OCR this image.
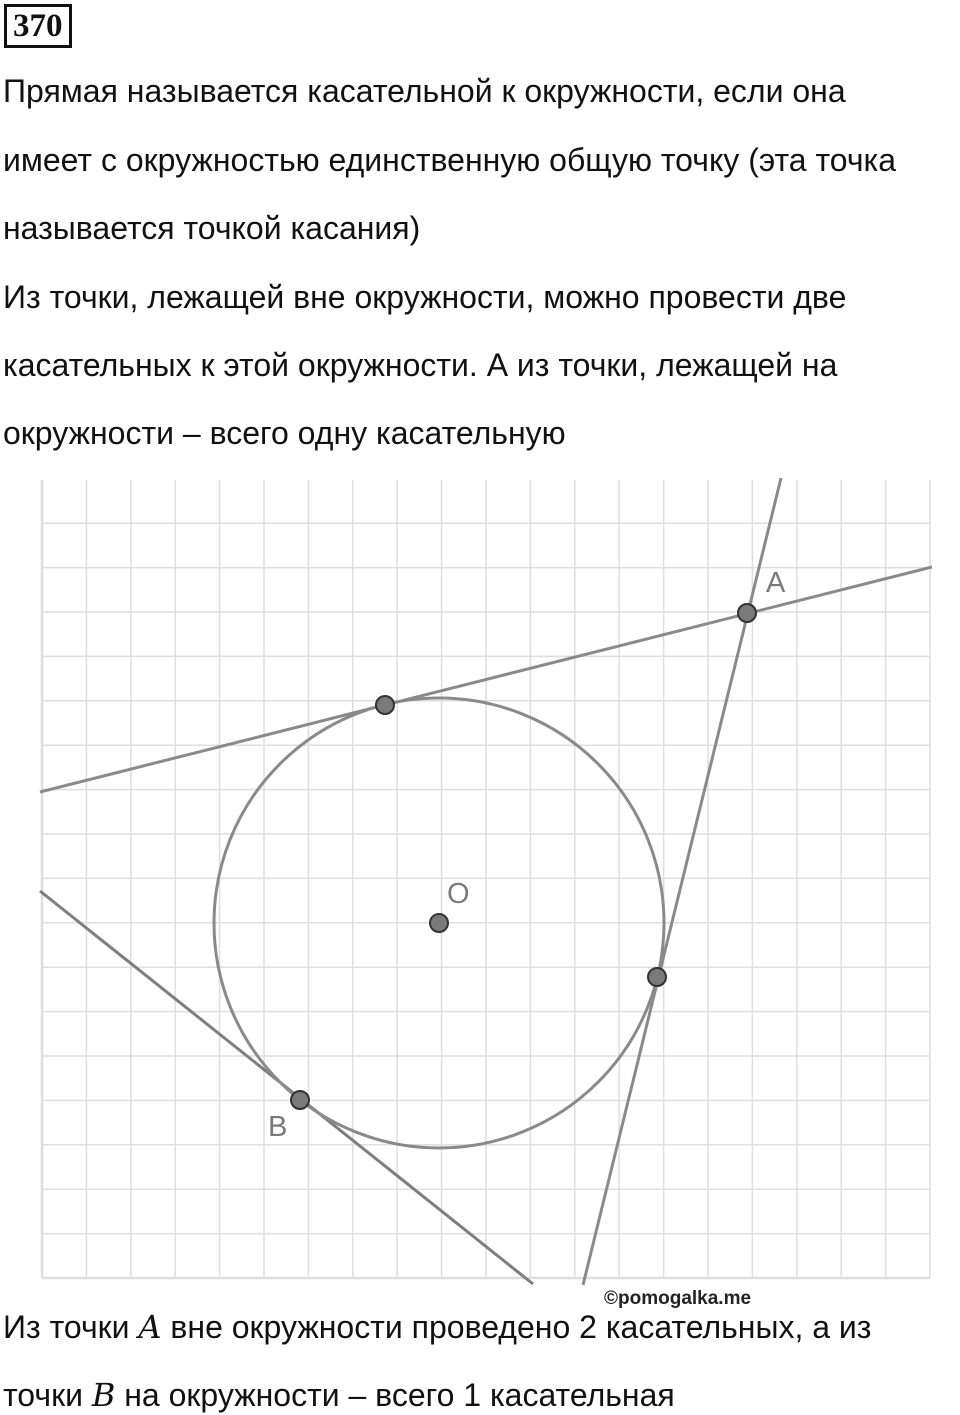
370
Прямая называется касательной к окружности, если она
имеет с окружностью единственную общую точку (эта точка
называется точкой касания)
Из точки, лежащей вне окружности, можно провести две
касательных к этой окружности. А из точки, лежащей на
окружности – всего одну касательную
A
O
B
©pomogalka.me
Из точки A вне окружности проведено 2 касательных, а из
точки B на окружности – всего 1 касательная
